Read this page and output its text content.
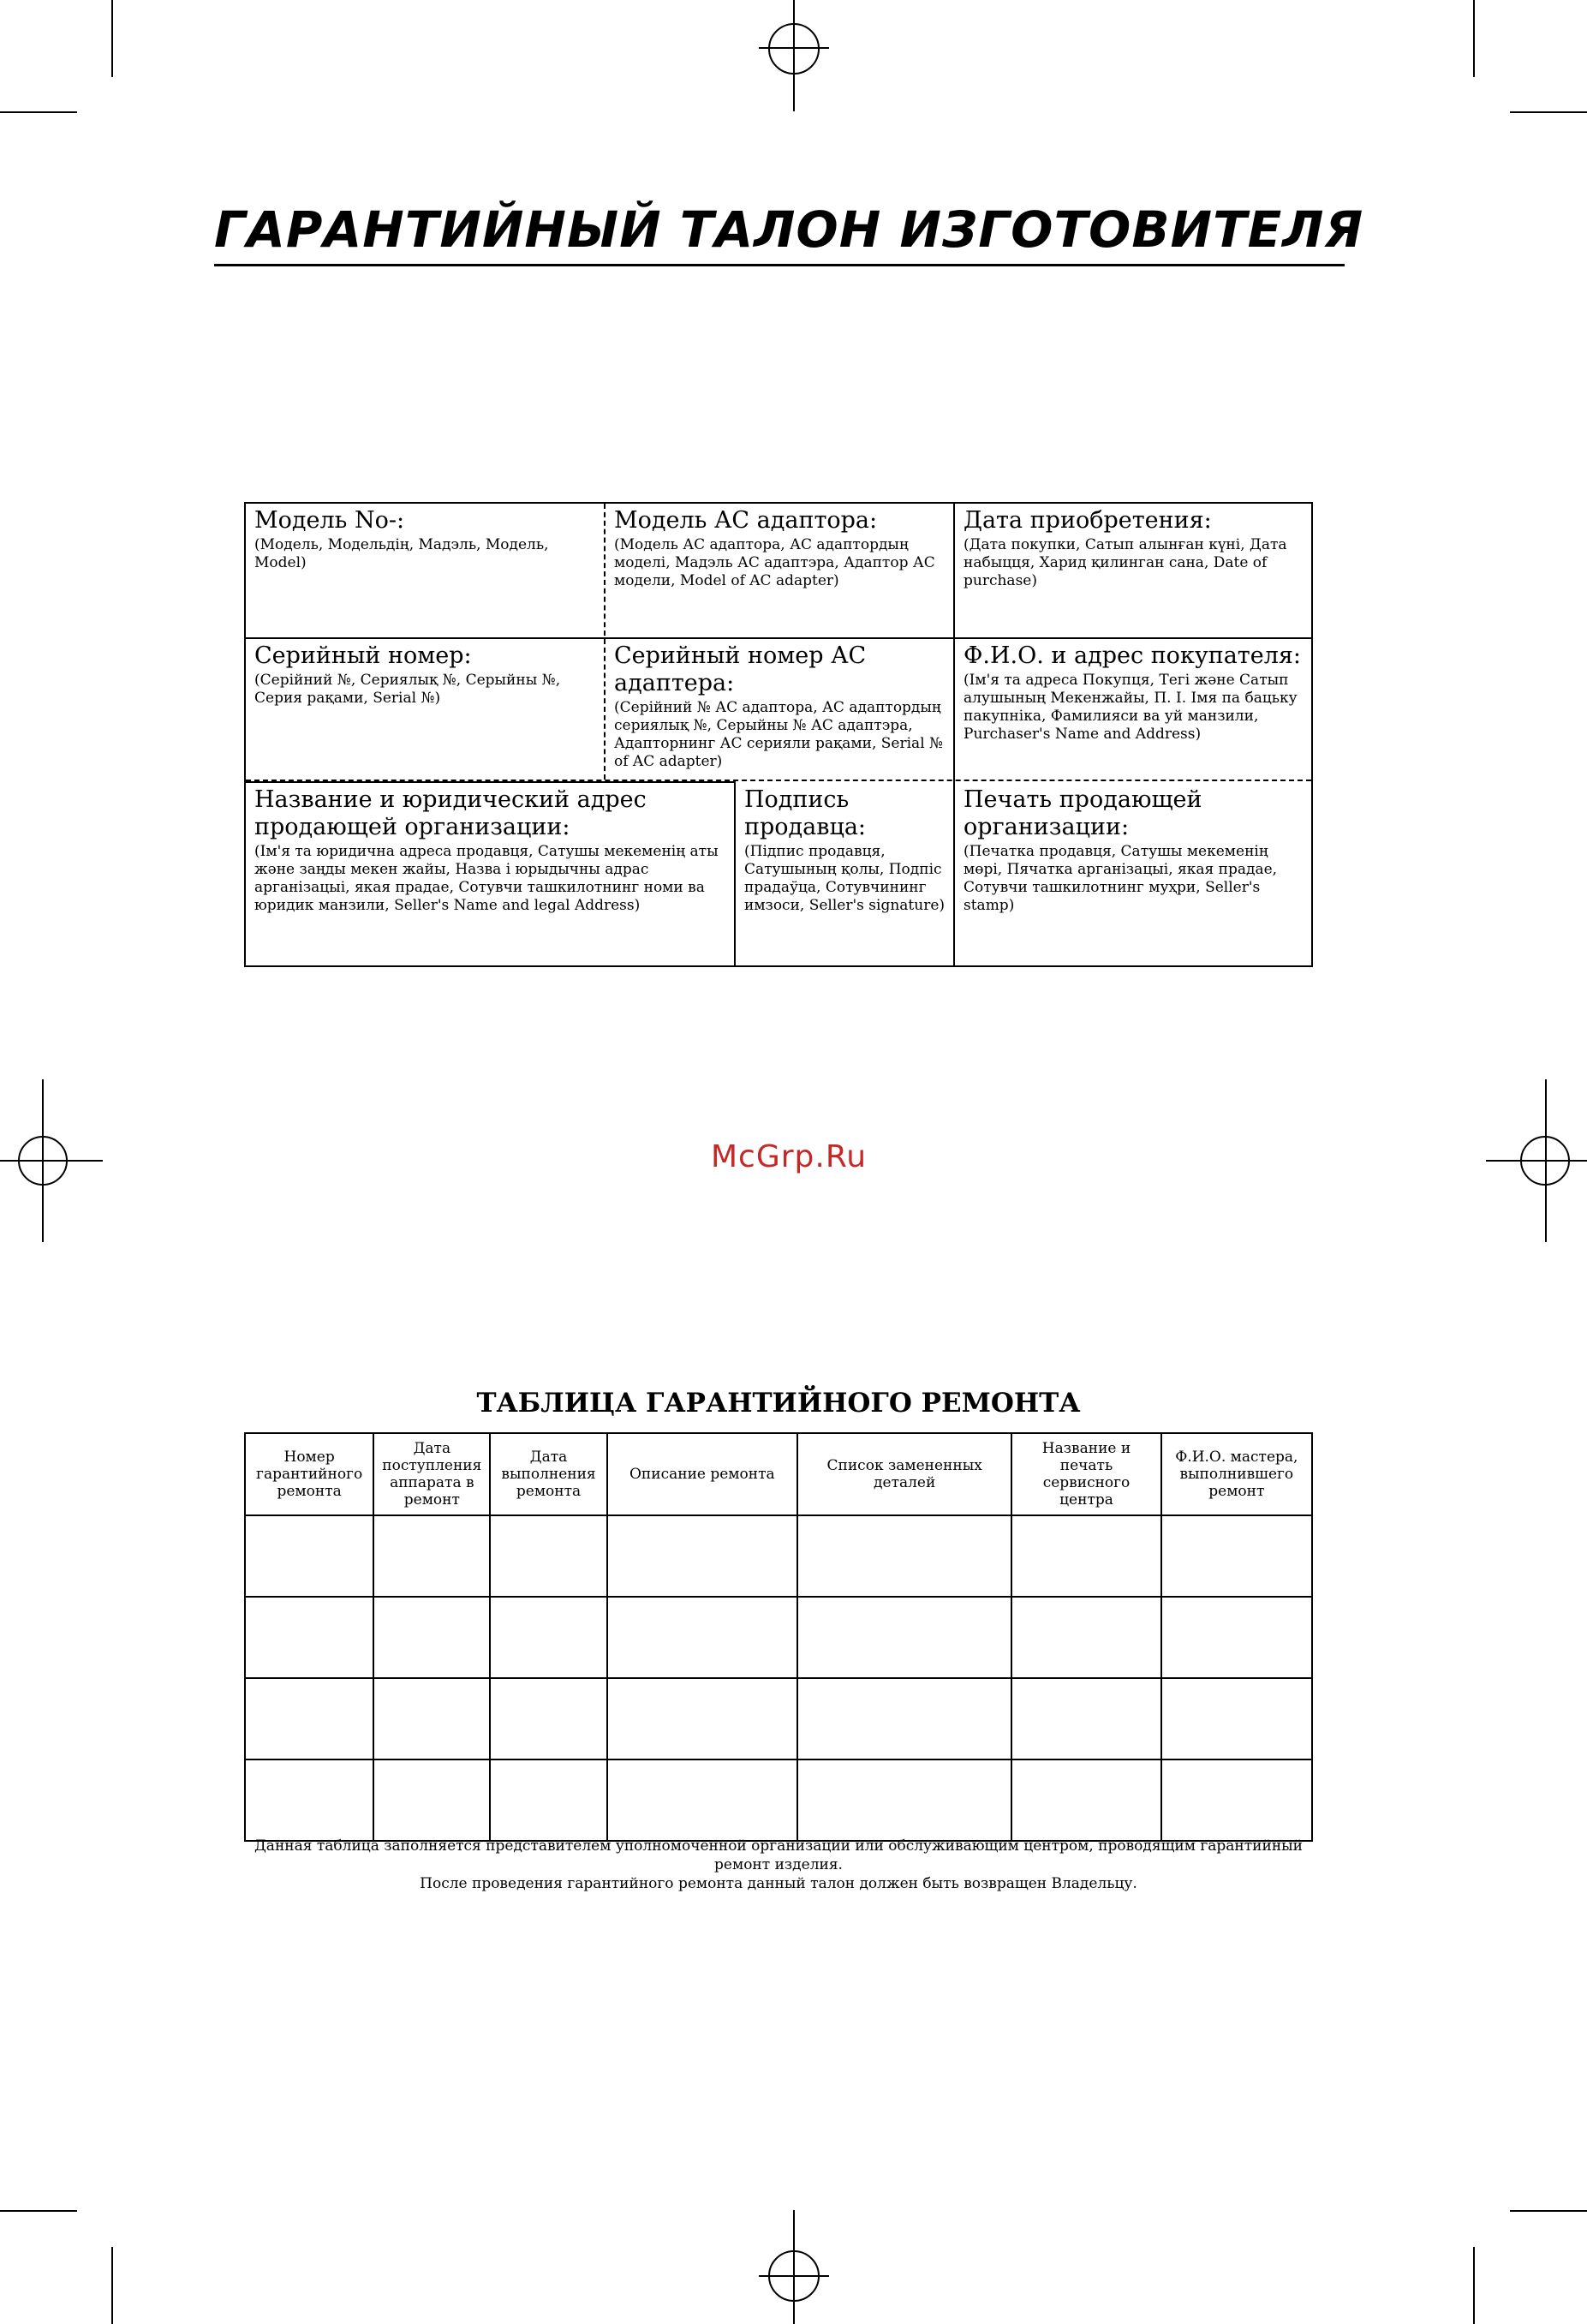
ГАРАНТИЙНЫЙ ТАЛОН ИЗГОТОВИТЕЛЯ
Модель No-:
(Модель, Модельдің, Мадэль, Модель, Model)
Модель АС адаптора:
(Модель АС адаптора, АС адаптордың моделі, Мадэль АС адаптэра, Адаптор АС модели, Model of AC adapter)
Дата приобретения:
(Дата покупки, Сатып алынған күні, Дата набыцця, Харид қилинган сана, Date of purchase)
Серийный номер:
(Серійний №, Сериялық №, Серыйны №, Серия рақами, Serial №)
Серийный номер АС адаптера:
(Серійний № АС адаптора, АС адаптордың сериялық №, Серыйны № АС адаптэра, Адапторнинг АС серияли рақами, Serial № of AC adapter)
Ф.И.О. и адрес покупателя:
(Ім'я та адреса Покупця, Тегі және Сатып алушының Мекенжайы, П. І. Імя па бацьку пакупніка, Фамилияси ва уй манзили, Purchaser's Name and Address)
Название и юридический адрес продающей организации:
(Ім'я та юридична адреса продавця, Сатушы мекеменің аты және заңды мекен жайы, Назва і юрыдычны адрас арганізацыі, якая прадае, Сотувчи ташкилотнинг номи ва юридик манзили, Seller's Name and legal Address)
Подпись продавца:
(Підпис продавця, Сатушының қолы, Подпіс прадаўца, Сотувчининг имзоси, Seller's signature)
Печать продающей организации:
(Печатка продавця, Сатушы мекеменің мөрі, Пячатка арганізацыі, якая прадае, Сотувчи ташкилотнинг муҳри, Seller's stamp)
McGrp.Ru
ТАБЛИЦА ГАРАНТИЙНОГО РЕМОНТА
Номер гарантийного ремонта	Дата поступления аппарата в ремонт	Дата выполнения ремонта	Описание ремонта	Список замененных деталей	Название и печать сервисного центра	Ф.И.О. мастера, выполнившего ремонт

Данная таблица заполняется представителем уполномоченной организации или обслуживающим центром, проводящим гарантийный ремонт изделия.
После проведения гарантийного ремонта данный талон должен быть возвращен Владельцу.
